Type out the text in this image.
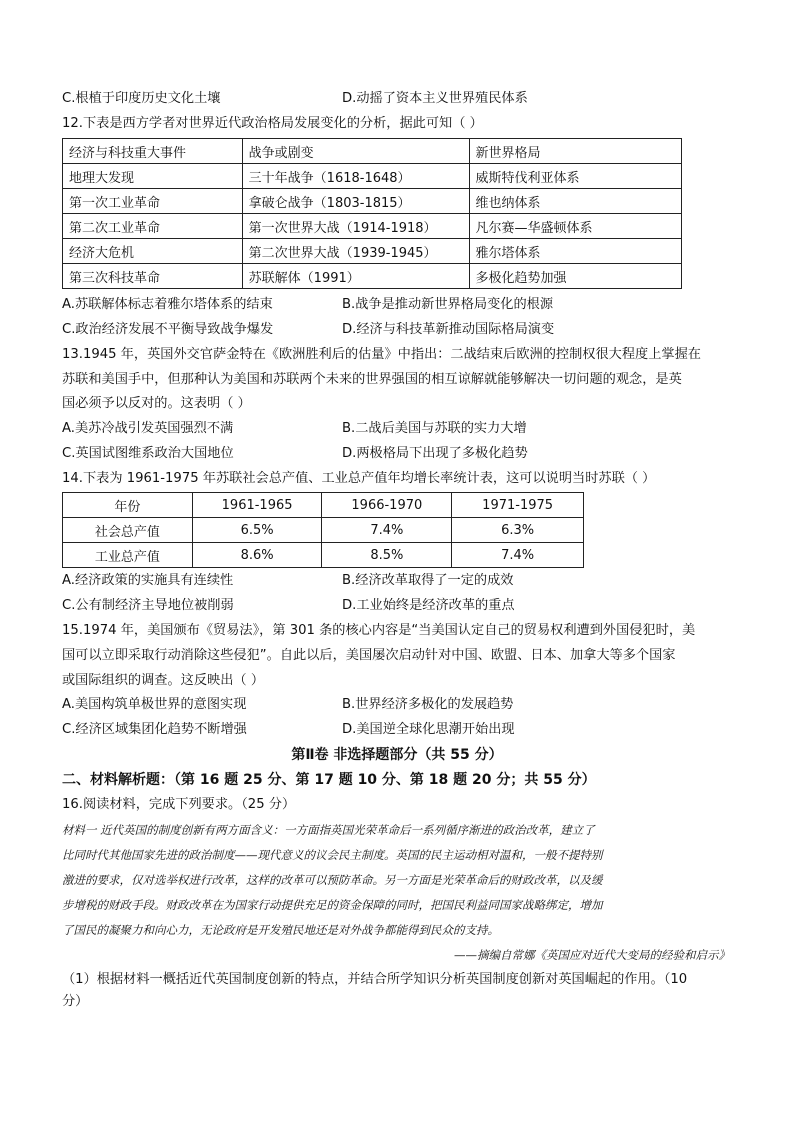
C.根植于印度历史文化土壤	D.动摇了资本主义世界殖民体系
12.下表是西方学者对世界近代政治格局发展变化的分析，据此可知（ ）
经济与科技重大事件	战争或剧变	新世界格局
地理大发现	三十年战争（1618-1648）	威斯特伐利亚体系
第一次工业革命	拿破仑战争（1803-1815）	维也纳体系
第二次工业革命	第一次世界大战（1914-1918）	凡尔赛—华盛顿体系
经济大危机	第二次世界大战（1939-1945）	雅尔塔体系
第三次科技革命	苏联解体（1991）	多极化趋势加强
A.苏联解体标志着雅尔塔体系的结束	B.战争是推动新世界格局变化的根源
C.政治经济发展不平衡导致战争爆发	D.经济与科技革新推动国际格局演变
13.1945 年，英国外交官萨金特在《欧洲胜利后的估量》中指出：二战结束后欧洲的控制权很大程度上掌握在
苏联和美国手中，但那种认为美国和苏联两个未来的世界强国的相互谅解就能够解决一切问题的观念，是英
国必须予以反对的。这表明（ ）
A.美苏冷战引发英国强烈不满	B.二战后美国与苏联的实力大增
C.英国试图维系政治大国地位	D.两极格局下出现了多极化趋势
14.下表为 1961-1975 年苏联社会总产值、工业总产值年均增长率统计表，这可以说明当时苏联（ ）
年份	1961-1965	1966-1970	1971-1975
社会总产值	6.5%	7.4%	6.3%
工业总产值	8.6%	8.5%	7.4%
A.经济政策的实施具有连续性	B.经济改革取得了一定的成效
C.公有制经济主导地位被削弱	D.工业始终是经济改革的重点
15.1974 年，美国颁布《贸易法》，第 301 条的核心内容是“当美国认定自己的贸易权利遭到外国侵犯时，美
国可以立即采取行动消除这些侵犯”。自此以后，美国屡次启动针对中国、欧盟、日本、加拿大等多个国家
或国际组织的调查。这反映出（ ）
A.美国构筑单极世界的意图实现	B.世界经济多极化的发展趋势
C.经济区域集团化趋势不断增强	D.美国逆全球化思潮开始出现
第Ⅱ卷 非选择题部分（共 55 分）
二、材料解析题：（第 16 题 25 分、第 17 题 10 分、第 18 题 20 分；共 55 分）
16.阅读材料，完成下列要求。（25 分）

材料一 近代英国的制度创新有两方面含义：一方面指英国光荣革命后一系列循序渐进的政治改革，建立了

比同时代其他国家先进的政治制度——现代意义的议会民主制度。英国的民主运动相对温和，一般不提特别

激进的要求，仅对选举权进行改革，这样的改革可以预防革命。另一方面是光荣革命后的财政改革，以及缓

步增税的财政手段。财政改革在为国家行动提供充足的资金保障的同时，把国民利益同国家战略绑定，增加

了国民的凝聚力和向心力，无论政府是开发殖民地还是对外战争都能得到民众的支持。

——摘编自常娜《英国应对近代大变局的经验和启示》
（1）根据材料一概括近代英国制度创新的特点，并结合所学知识分析英国制度创新对英国崛起的作用。（10
分）
